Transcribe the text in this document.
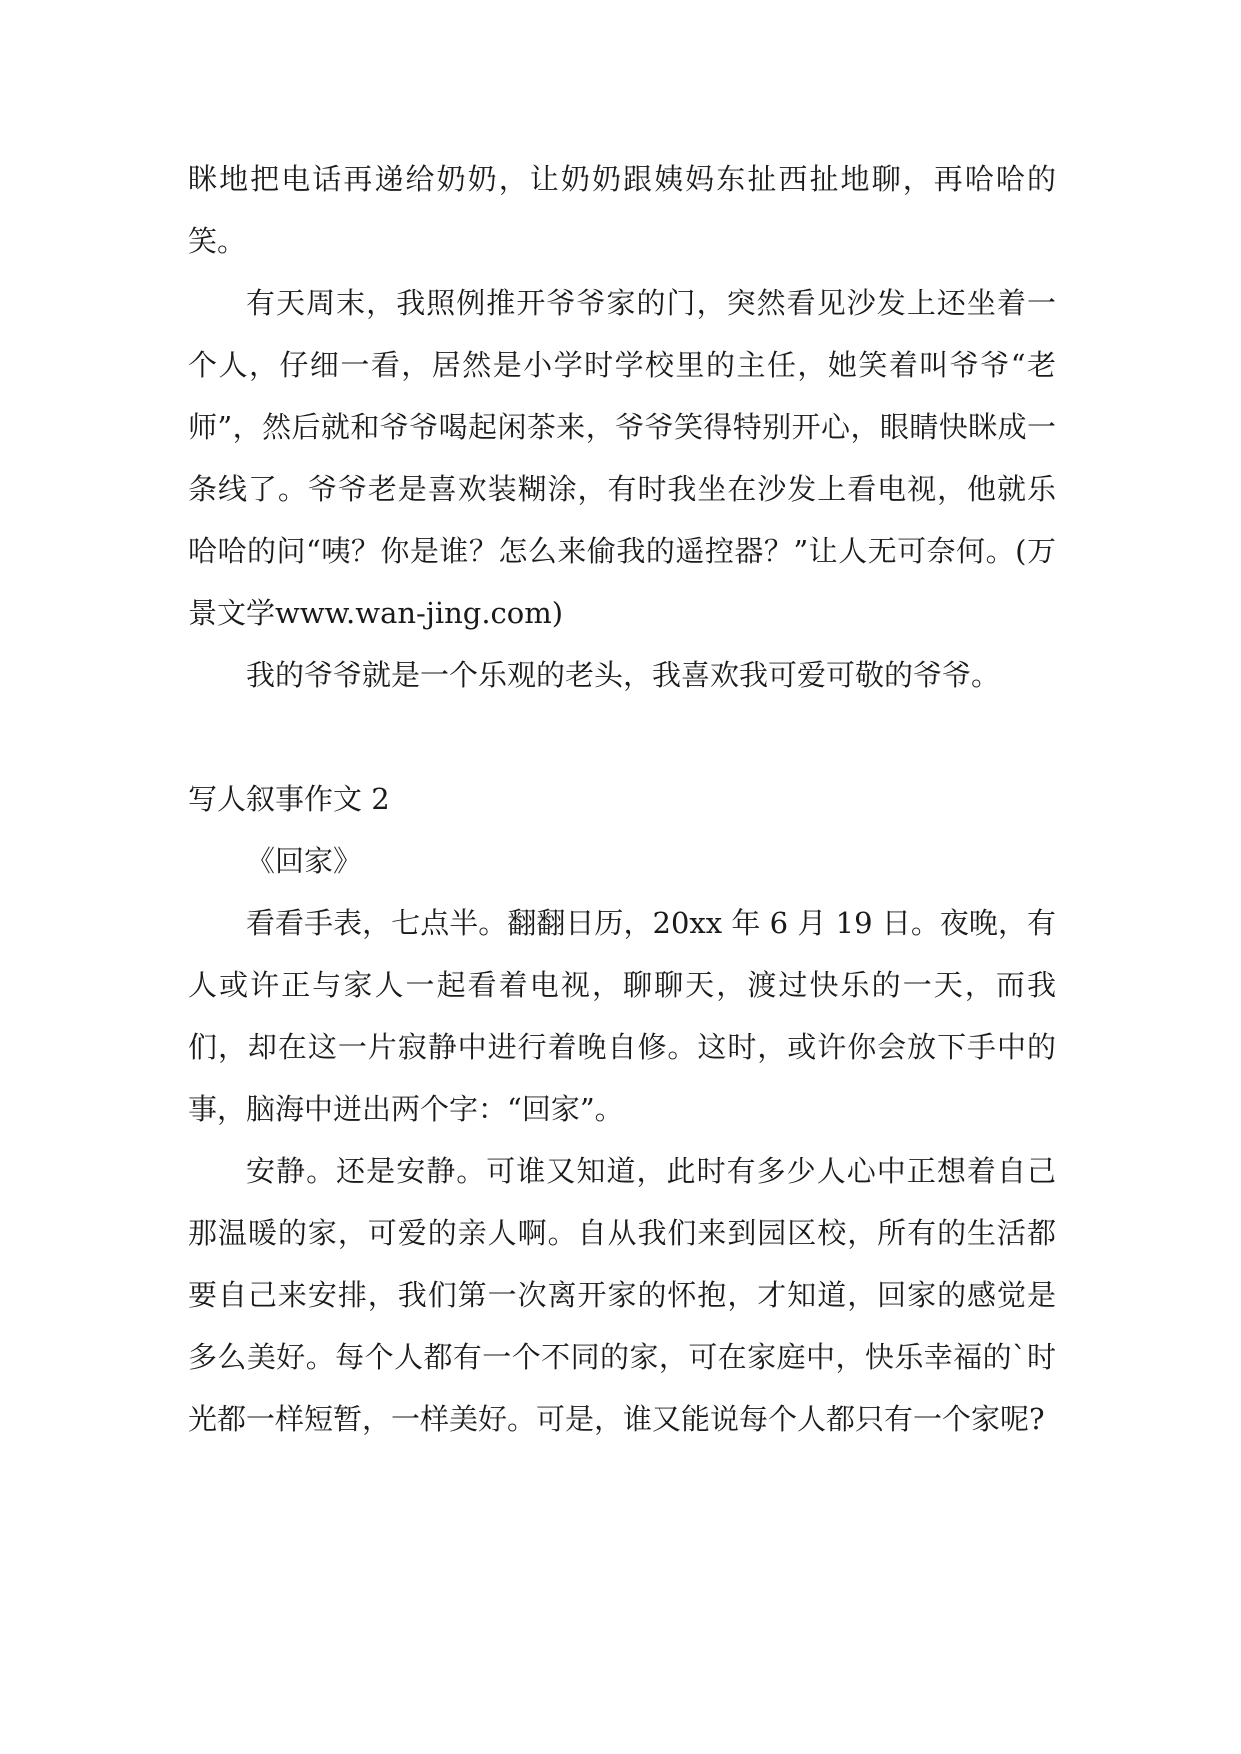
眯地把电话再递给奶奶，让奶奶跟姨妈东扯西扯地聊，再哈哈的笑。

有天周末，我照例推开爷爷家的门，突然看见沙发上还坐着一个人，仔细一看，居然是小学时学校里的主任，她笑着叫爷爷“老师”，然后就和爷爷喝起闲茶来，爷爷笑得特别开心，眼睛快眯成一条线了。爷爷老是喜欢装糊涂，有时我坐在沙发上看电视，他就乐哈哈的问“咦？你是谁？怎么来偷我的遥控器？”让人无可奈何。(万景文学www.wan-jing.com)

我的爷爷就是一个乐观的老头，我喜欢我可爱可敬的爷爷。

写人叙事作文 2

《回家》

看看手表，七点半。翻翻日历，20xx 年 6 月 19 日。夜晚，有人或许正与家人一起看着电视，聊聊天，渡过快乐的一天，而我们，却在这一片寂静中进行着晚自修。这时，或许你会放下手中的事，脑海中迸出两个字：“回家”。

安静。还是安静。可谁又知道，此时有多少人心中正想着自己那温暖的家，可爱的亲人啊。自从我们来到园区校，所有的生活都要自己来安排，我们第一次离开家的怀抱，才知道，回家的感觉是多么美好。每个人都有一个不同的家，可在家庭中，快乐幸福的`时光都一样短暂，一样美好。可是，谁又能说每个人都只有一个家呢?
